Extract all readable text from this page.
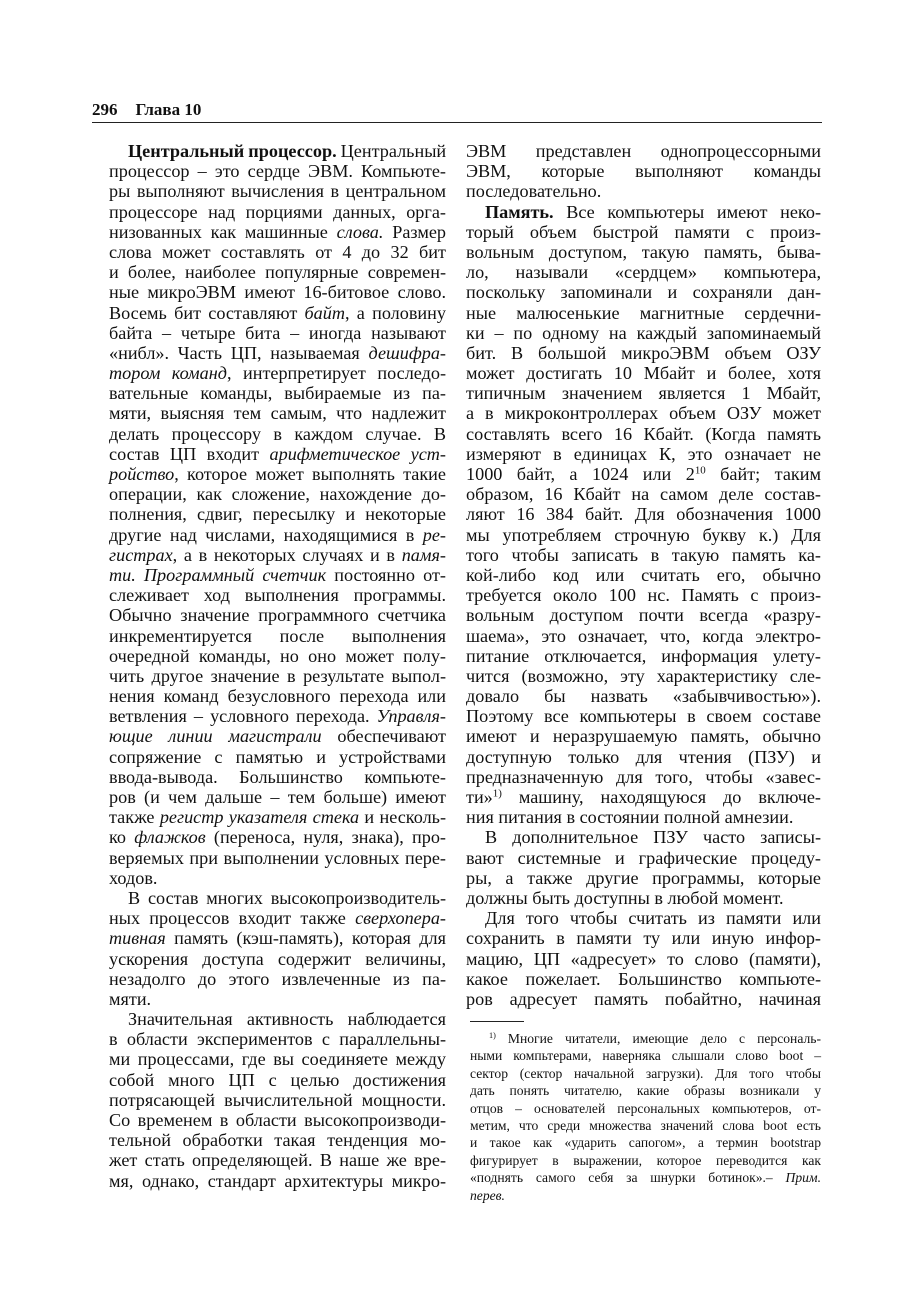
296 Глава 10
Центральный процессор. Центральный
процессор – это сердце ЭВМ. Компьюте-
ры выполняют вычисления в центральном
процессоре над порциями данных, орга-
низованных как машинные слова. Размер
слова может составлять от 4 до 32 бит
и более, наиболее популярные современ-
ные микроЭВМ имеют 16-битовое слово.
Восемь бит составляют байт, а половину
байта – четыре бита – иногда называют
«нибл». Часть ЦП, называемая дешифра-
тором команд, интерпретирует последо-
вательные команды, выбираемые из па-
мяти, выясняя тем самым, что надлежит
делать процессору в каждом случае. В
состав ЦП входит арифметическое уст-
ройство, которое может выполнять такие
операции, как сложение, нахождение до-
полнения, сдвиг, пересылку и некоторые
другие над числами, находящимися в ре-
гистрах, а в некоторых случаях и в памя-
ти. Программный счетчик постоянно от-
слеживает ход выполнения программы.
Обычно значение программного счетчика
инкрементируется после выполнения
очередной команды, но оно может полу-
чить другое значение в результате выпол-
нения команд безусловного перехода или
ветвления – условного перехода. Управля-
ющие линии магистрали обеспечивают
сопряжение с памятью и устройствами
ввода-вывода. Большинство компьюте-
ров (и чем дальше – тем больше) имеют
также регистр указателя стека и несколь-
ко флажков (переноса, нуля, знака), про-
веряемых при выполнении условных пере-
ходов.
В состав многих высокопроизводитель-
ных процессов входит также сверхопера-
тивная память (кэш-память), которая для
ускорения доступа содержит величины,
незадолго до этого извлеченные из па-
мяти.
Значительная активность наблюдается
в области экспериментов с параллельны-
ми процессами, где вы соединяете между
собой много ЦП с целью достижения
потрясающей вычислительной мощности.
Со временем в области высокопроизводи-
тельной обработки такая тенденция мо-
жет стать определяющей. В наше же вре-
мя, однако, стандарт архитектуры микро-
ЭВМ представлен однопроцессорными
ЭВМ, которые выполняют команды
последовательно.
Память. Все компьютеры имеют неко-
торый объем быстрой памяти с произ-
вольным доступом, такую память, быва-
ло, называли «сердцем» компьютера,
поскольку запоминали и сохраняли дан-
ные малюсенькие магнитные сердечни-
ки – по одному на каждый запоминаемый
бит. В большой микроЭВМ объем ОЗУ
может достигать 10 Мбайт и более, хотя
типичным значением является 1 Мбайт,
а в микроконтроллерах объем ОЗУ может
составлять всего 16 Кбайт. (Когда память
измеряют в единицах К, это означает не
1000 байт, а 1024 или $2^{10}$ байт; таким
образом, 16 Кбайт на самом деле состав-
ляют 16 384 байт. Для обозначения 1000
мы употребляем строчную букву к.) Для
того чтобы записать в такую память ка-
кой-либо код или считать его, обычно
требуется около 100 нс. Память с произ-
вольным доступом почти всегда «разру-
шаема», это означает, что, когда электро-
питание отключается, информация улету-
чится (возможно, эту характеристику сле-
довало бы назвать «забывчивостью»).
Поэтому все компьютеры в своем составе
имеют и неразрушаемую память, обычно
доступную только для чтения (ПЗУ) и
предназначенную для того, чтобы «завес-
ти»$^{1)}$ машину, находящуюся до включе-
ния питания в состоянии полной амнезии.
В дополнительное ПЗУ часто записы-
вают системные и графические процеду-
ры, а также другие программы, которые
должны быть доступны в любой момент.
Для того чтобы считать из памяти или
сохранить в памяти ту или иную инфор-
мацию, ЦП «адресует» то слово (памяти),
какое пожелает. Большинство компьюте-
ров адресует память побайтно, начиная
$^{1)}$ Многие читатели, имеющие дело с персональ-
ными компьтерами, наверняка слышали слово boot –
сектор (сектор начальной загрузки). Для того чтобы
дать понять читателю, какие образы возникали у
отцов – основателей персональных компьютеров, от-
метим, что среди множества значений слова boot есть
и такое как «ударить сапогом», а термин bootstrap
фигурирует в выражении, которое переводится как
«поднять самого себя за шнурки ботинок».– Прим.
перев.
